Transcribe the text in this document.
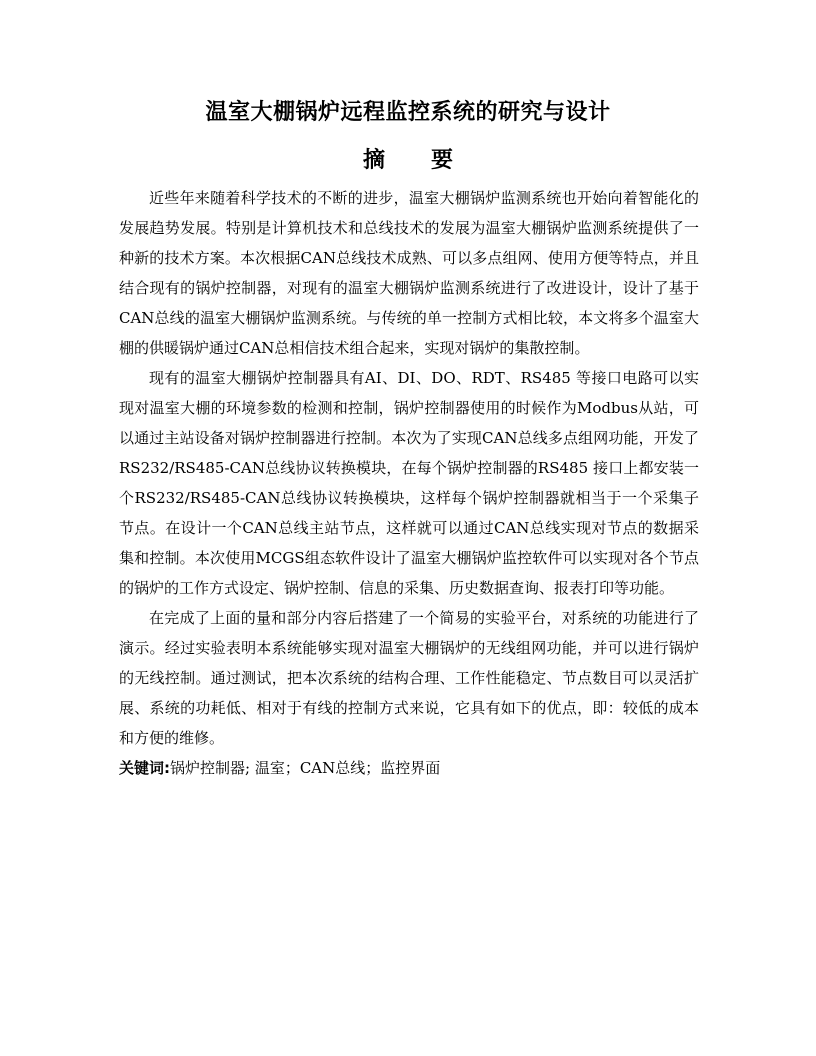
温室大棚锅炉远程监控系统的研究与设计
摘 要

近些年来随着科学技术的不断的进步，温室大棚锅炉监测系统也开始向着智能化的发展趋势发展。特别是计算机技术和总线技术的发展为温室大棚锅炉监测系统提供了一种新的技术方案。本次根据CAN总线技术成熟、可以多点组网、使用方便等特点，并且结合现有的锅炉控制器，对现有的温室大棚锅炉监测系统进行了改进设计，设计了基于CAN总线的温室大棚锅炉监测系统。与传统的单一控制方式相比较，本文将多个温室大棚的供暖锅炉通过CAN总相信技术组合起来，实现对锅炉的集散控制。

现有的温室大棚锅炉控制器具有AI、DI、DO、RDT、RS485 等接口电路可以实现对温室大棚的环境参数的检测和控制，锅炉控制器使用的时候作为Modbus从站，可以通过主站设备对锅炉控制器进行控制。本次为了实现CAN总线多点组网功能，开发了RS232/RS485-CAN总线协议转换模块，在每个锅炉控制器的RS485 接口上都安装一个RS232/RS485-CAN总线协议转换模块，这样每个锅炉控制器就相当于一个采集子节点。在设计一个CAN总线主站节点，这样就可以通过CAN总线实现对节点的数据采集和控制。本次使用MCGS组态软件设计了温室大棚锅炉监控软件可以实现对各个节点的锅炉的工作方式设定、锅炉控制、信息的采集、历史数据查询、报表打印等功能。

在完成了上面的量和部分内容后搭建了一个简易的实验平台，对系统的功能进行了演示。经过实验表明本系统能够实现对温室大棚锅炉的无线组网功能，并可以进行锅炉的无线控制。通过测试，把本次系统的结构合理、工作性能稳定、节点数目可以灵活扩展、系统的功耗低、相对于有线的控制方式来说，它具有如下的优点，即：较低的成本和方便的维修。

关键词:锅炉控制器; 温室；CAN总线；监控界面
